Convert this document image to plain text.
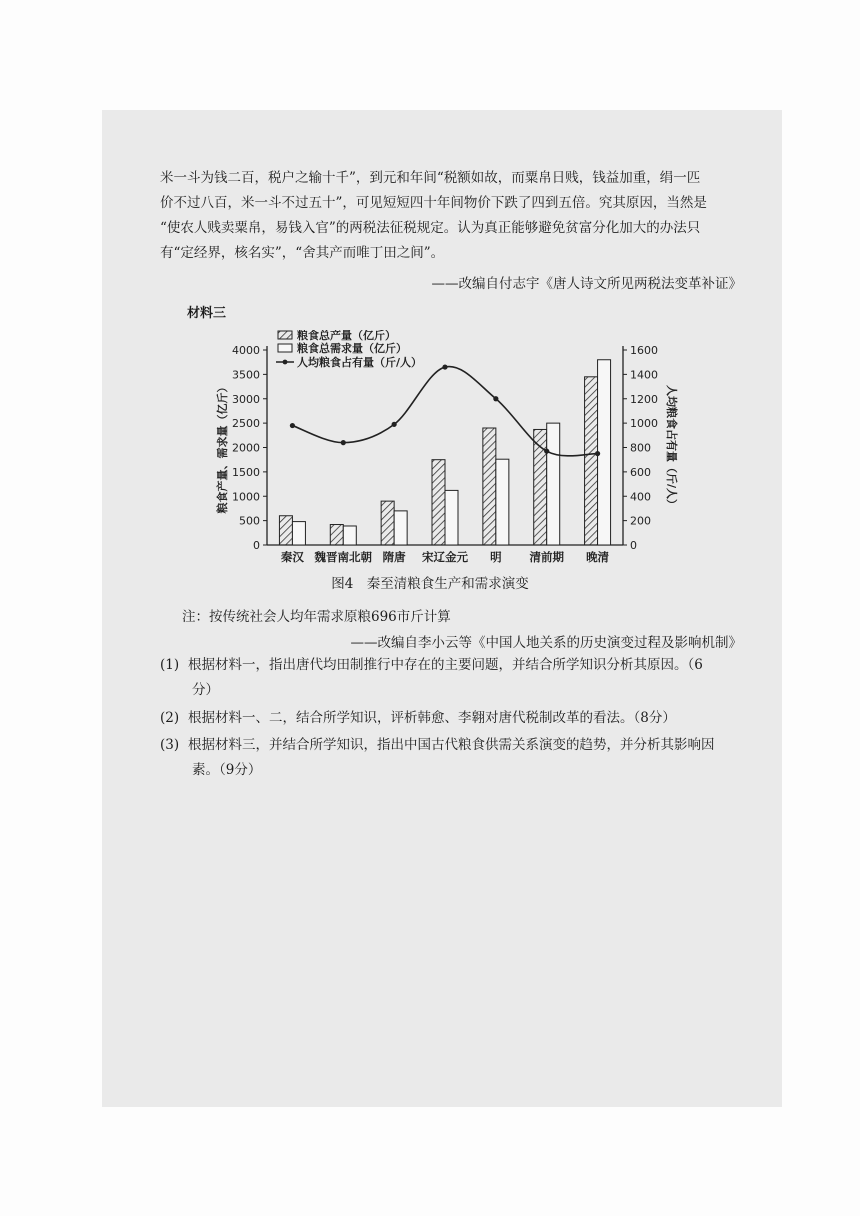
米一斗为钱二百，税户之输十千”，到元和年间“税额如故，而粟帛日贱，钱益加重，绢一匹

价不过八百，米一斗不过五十”，可见短短四十年间物价下跌了四到五倍。究其原因，当然是

“使农人贱卖粟帛，易钱入官”的两税法征税规定。认为真正能够避免贫富分化加大的办法只

有“定经界，核名实”，“舍其产而唯丁田之间”。

——改编自付志宇《唐人诗文所见两税法变革补证》
材料三
0
500
1000
1500
2000
2500
3000
3500
4000
0
200
400
600
800
1000
1200
1400
1600
粮食产量、需求量（亿斤）	人均粮食占有量（斤/人）
秦汉 魏晋南北朝 隋唐 宋辽金元 明 清前期 晚清
粮食总产量（亿斤）
粮食总需求量（亿斤）
人均粮食占有量（斤/人）
图4　秦至清粮食生产和需求演变
注：按传统社会人均年需求原粮696市斤计算
——改编自李小云等《中国人地关系的历史演变过程及影响机制》
(1) 根据材料一，指出唐代均田制推行中存在的主要问题，并结合所学知识分析其原因。（6
分）
(2) 根据材料一、二，结合所学知识，评析韩愈、李翱对唐代税制改革的看法。（8分）
(3) 根据材料三，并结合所学知识，指出中国古代粮食供需关系演变的趋势，并分析其影响因
素。（9分）
